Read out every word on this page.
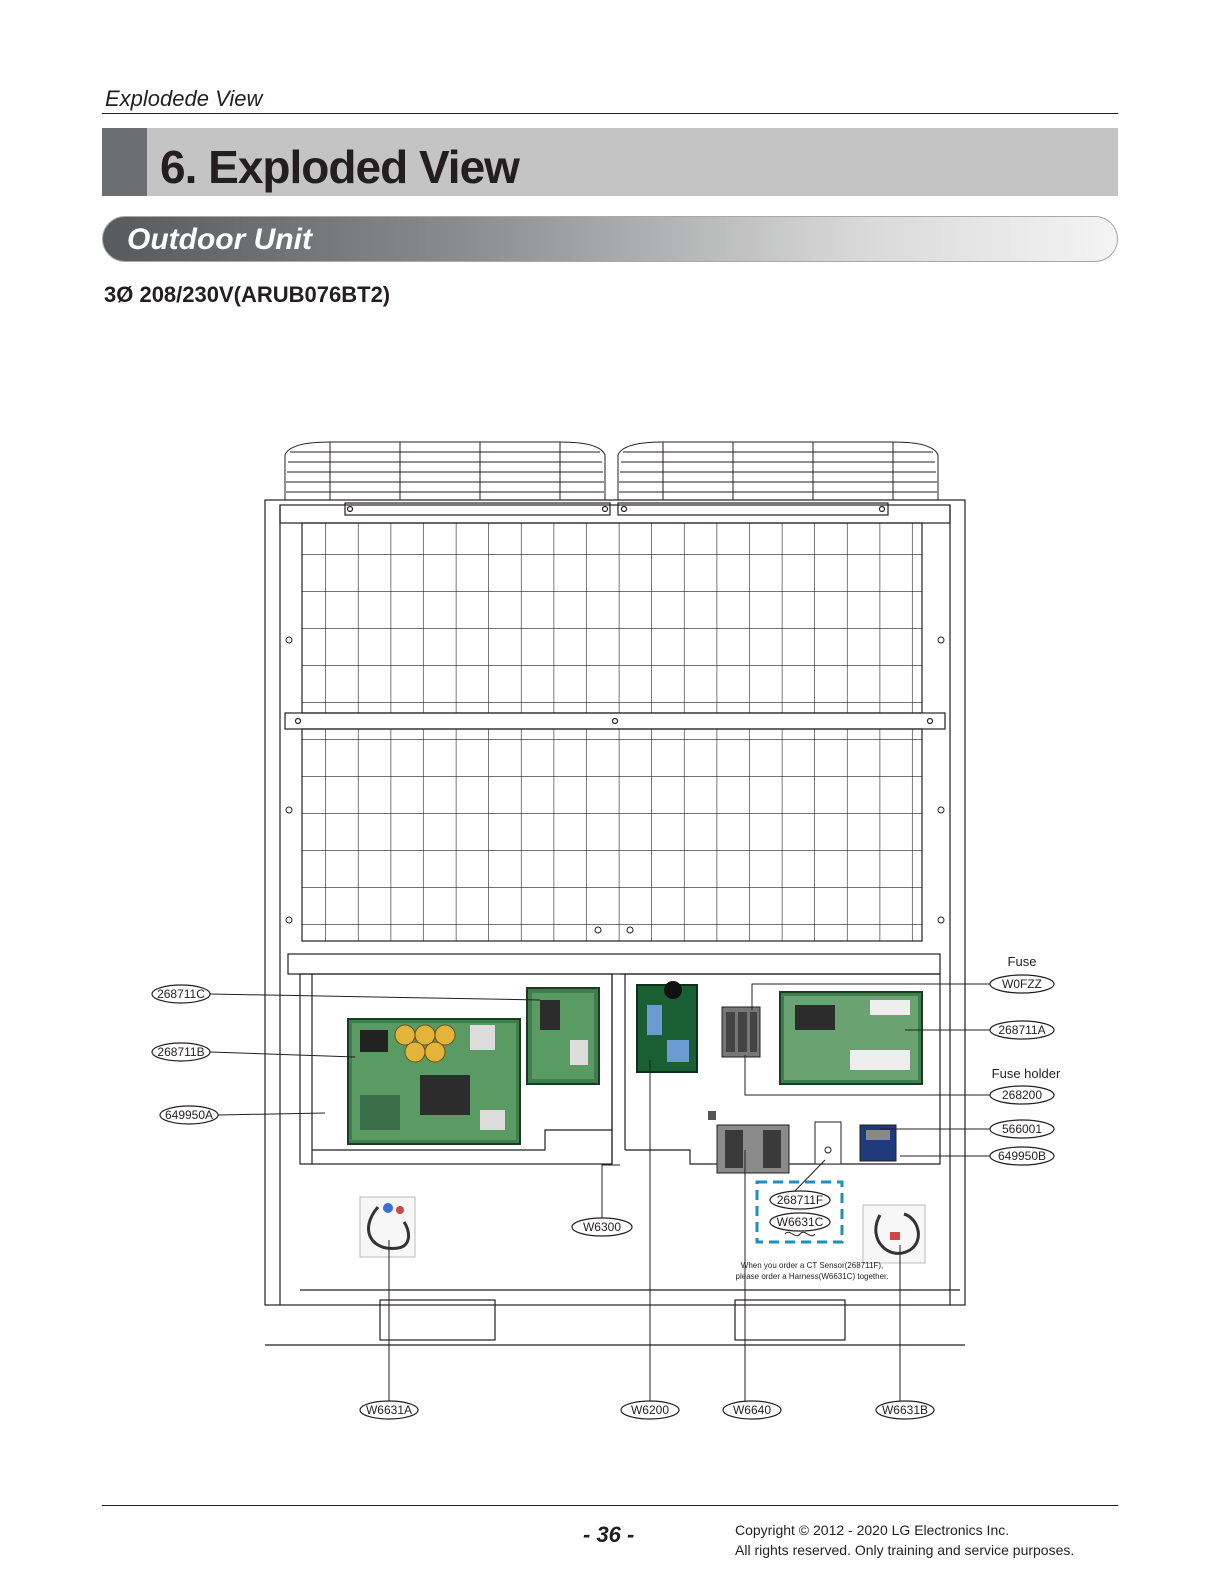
Explodede View
6. Exploded View
Outdoor Unit
3Ø 208/230V(ARUB076BT2)
268711C
268711B
649950A
Fuse
W0FZZ
268711A
Fuse holder
268200
566001
649950B
268711F
W6631C
W6300
W6631A	W6200	W6640	W6631B
When you order a CT Sensor(268711F),
please order a Harness(W6631C) together.
- 36 -	Copyright © 2012 - 2020 LG Electronics Inc.
All rights reserved. Only training and service purposes.
